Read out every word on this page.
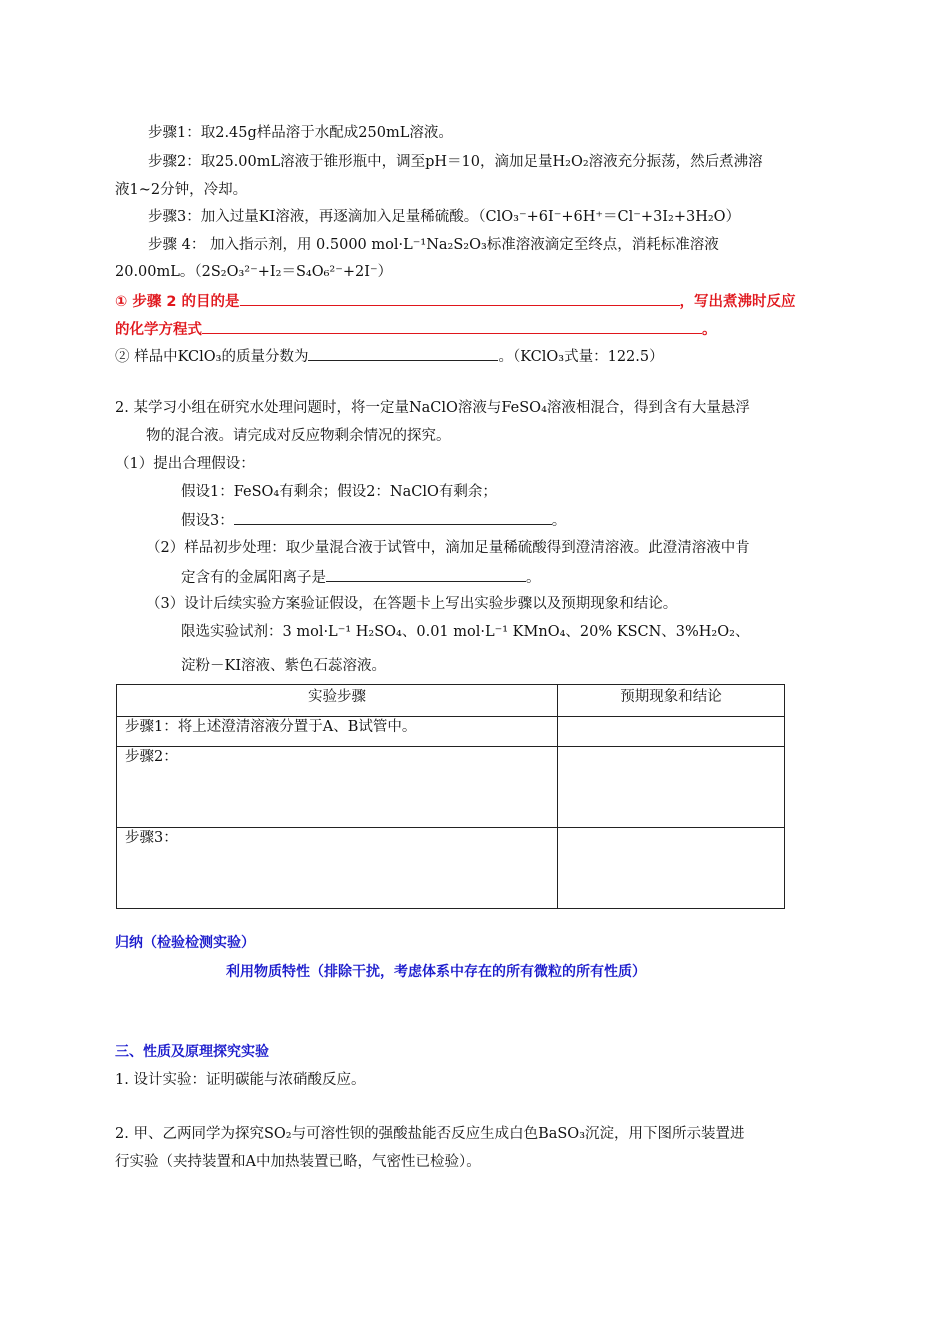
步骤1：取2.45g样品溶于水配成250mL溶液。
步骤2：取25.00mL溶液于锥形瓶中，调至pH＝10，滴加足量H₂O₂溶液充分振荡，然后煮沸溶
液1~2分钟，冷却。
步骤3：加入过量KI溶液，再逐滴加入足量稀硫酸。（ClO₃⁻+6I⁻+6H⁺＝Cl⁻+3I₂+3H₂O）
步骤 4： 加入指示剂，用 0.5000 mol·L⁻¹Na₂S₂O₃标准溶液滴定至终点，消耗标准溶液
20.00mL。（2S₂O₃²⁻+I₂＝S₄O₆²⁻+2I⁻）
① 步骤 2 的目的是	，写出煮沸时反应
的化学方程式	。
② 样品中KClO₃的质量分数为	。（KClO₃式量：122.5）
2. 某学习小组在研究水处理问题时，将一定量NaClO溶液与FeSO₄溶液相混合，得到含有大量悬浮
物的混合液。请完成对反应物剩余情况的探究。
（1）提出合理假设：
假设1：FeSO₄有剩余；假设2：NaClO有剩余；
假设3：	。
（2）样品初步处理：取少量混合液于试管中，滴加足量稀硫酸得到澄清溶液。此澄清溶液中肯
定含有的金属阳离子是	。
（3）设计后续实验方案验证假设，在答题卡上写出实验步骤以及预期现象和结论。
限选实验试剂：3 mol·L⁻¹ H₂SO₄、0.01 mol·L⁻¹ KMnO₄、20% KSCN、3%H₂O₂、
淀粉－KI溶液、紫色石蕊溶液。
实验步骤	预期现象和结论
步骤1：将上述澄清溶液分置于A、B试管中。	
步骤2：	
步骤3：	
归纳（检验检测实验）
利用物质特性（排除干扰，考虑体系中存在的所有微粒的所有性质）
三、性质及原理探究实验
1. 设计实验：证明碳能与浓硝酸反应。
2. 甲、乙两同学为探究SO₂与可溶性钡的强酸盐能否反应生成白色BaSO₃沉淀，用下图所示装置进
行实验（夹持装置和A中加热装置已略，气密性已检验）。
